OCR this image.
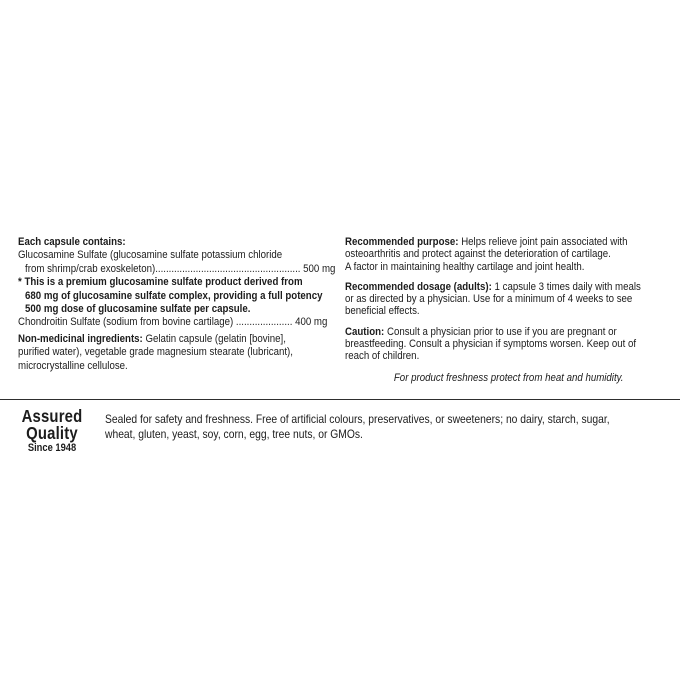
Each capsule contains:
Glucosamine Sulfate (glucosamine sulfate potassium chloride
from shrimp/crab exoskeleton)...................................................... 500 mg
* This is a premium glucosamine sulfate product derived from
680 mg of glucosamine sulfate complex, providing a full potency
500 mg dose of glucosamine sulfate per capsule.
Chondroitin Sulfate (sodium from bovine cartilage) ..................... 400 mg
Non-medicinal ingredients: Gelatin capsule (gelatin [bovine],
purified water), vegetable grade magnesium stearate (lubricant),
microcrystalline cellulose.
Recommended purpose: Helps relieve joint pain associated with
osteoarthritis and protect against the deterioration of cartilage.
A factor in maintaining healthy cartilage and joint health.
Recommended dosage (adults): 1 capsule 3 times daily with meals
or as directed by a physician. Use for a minimum of 4 weeks to see
beneficial effects.
Caution: Consult a physician prior to use if you are pregnant or
breastfeeding. Consult a physician if symptoms worsen. Keep out of
reach of children.
For product freshness protect from heat and humidity.
Assured
Quality
Since 1948
Sealed for safety and freshness. Free of artificial colours, preservatives, or sweeteners; no dairy, starch, sugar,
wheat, gluten, yeast, soy, corn, egg, tree nuts, or GMOs.
